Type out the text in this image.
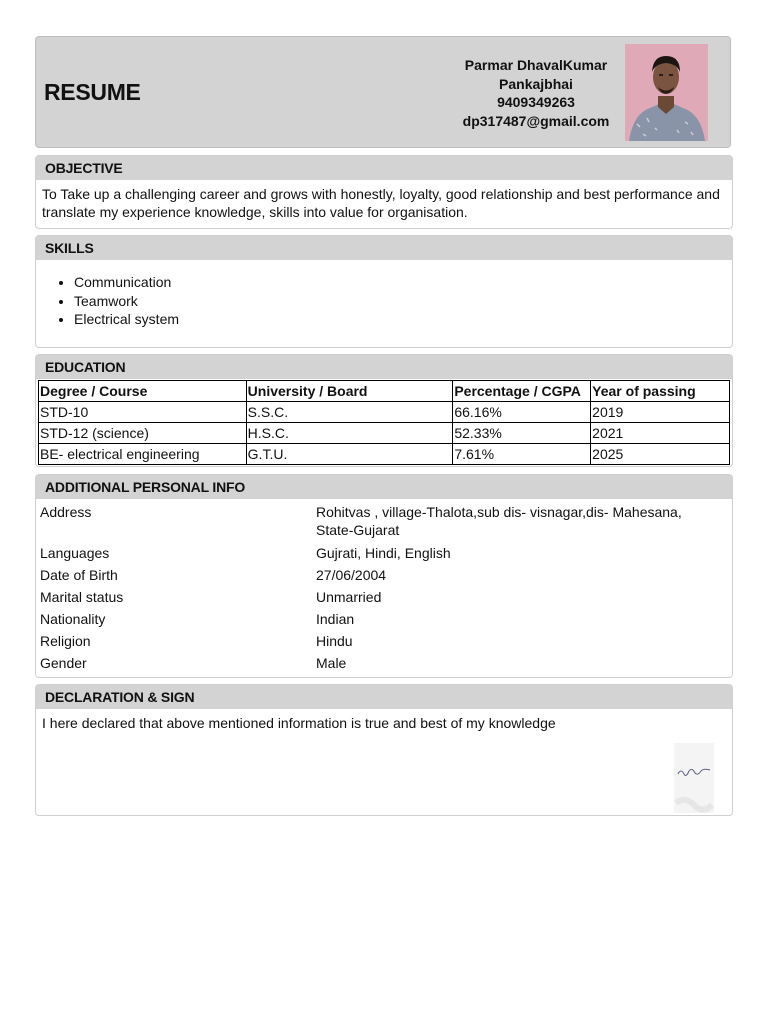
RESUME
Parmar DhavalKumar
Pankajbhai
9409349263
dp317487@gmail.com
OBJECTIVE
To Take up a challenging career and grows with honestly, loyalty, good relationship and best performance and translate my experience knowledge, skills into value for organisation.
SKILLS
• Communication
• Teamwork
• Electrical system
EDUCATION
Degree / Course	University / Board	Percentage / CGPA	Year of passing
STD-10	S.S.C.	66.16%	2019
STD-12 (science)	H.S.C.	52.33%	2021
BE- electrical engineering	G.T.U.	7.61%	2025
ADDITIONAL PERSONAL INFO
Address	Rohitvas , village-Thalota,sub dis- visnagar,dis- Mahesana, State-Gujarat
Languages	Gujrati, Hindi, English
Date of Birth	27/06/2004
Marital status	Unmarried
Nationality	Indian
Religion	Hindu
Gender	Male
DECLARATION & SIGN
I here declared that above mentioned information is true and best of my knowledge
